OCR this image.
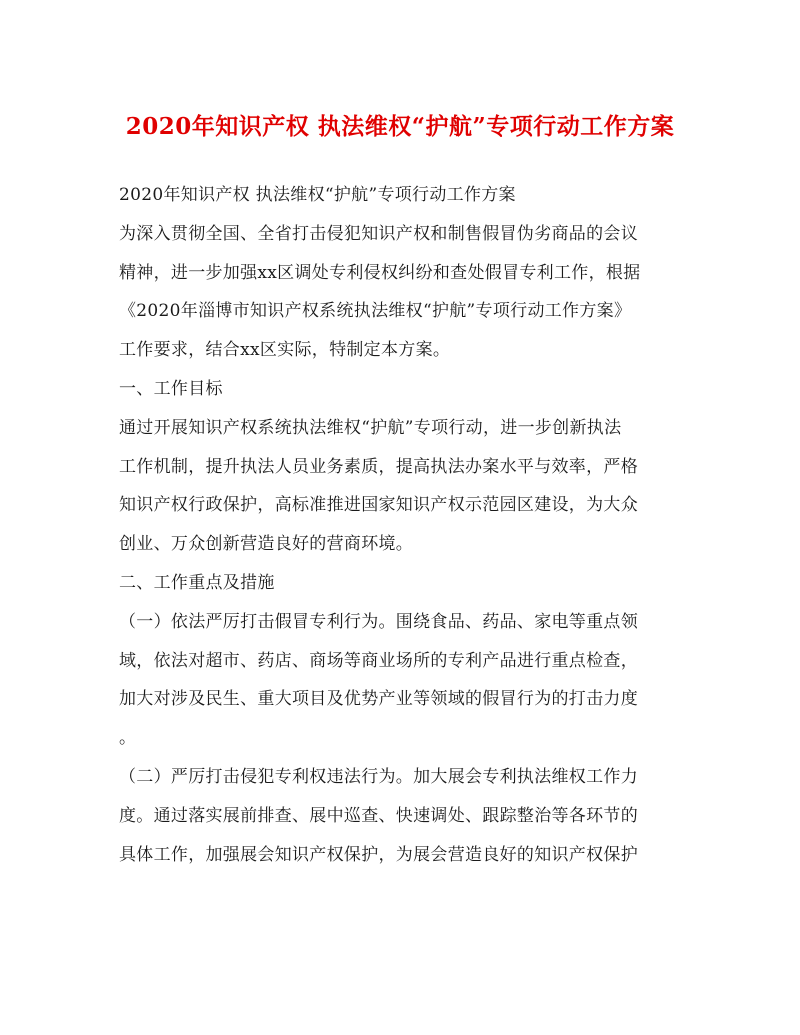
2020年知识产权 执法维权“护航”专项行动工作方案
2020年知识产权 执法维权“护航”专项行动工作方案
为深入贯彻全国、全省打击侵犯知识产权和制售假冒伪劣商品的会议
精神，进一步加强xx区调处专利侵权纠纷和查处假冒专利工作，根据
《2020年淄博市知识产权系统执法维权“护航”专项行动工作方案》
工作要求，结合xx区实际，特制定本方案。
一、工作目标
通过开展知识产权系统执法维权“护航”专项行动，进一步创新执法
工作机制，提升执法人员业务素质，提高执法办案水平与效率，严格
知识产权行政保护，高标准推进国家知识产权示范园区建设，为大众
创业、万众创新营造良好的营商环境。
二、工作重点及措施
（一）依法严厉打击假冒专利行为。围绕食品、药品、家电等重点领
域，依法对超市、药店、商场等商业场所的专利产品进行重点检查，
加大对涉及民生、重大项目及优势产业等领域的假冒行为的打击力度
。
（二）严厉打击侵犯专利权违法行为。加大展会专利执法维权工作力
度。通过落实展前排查、展中巡查、快速调处、跟踪整治等各环节的
具体工作，加强展会知识产权保护，为展会营造良好的知识产权保护
